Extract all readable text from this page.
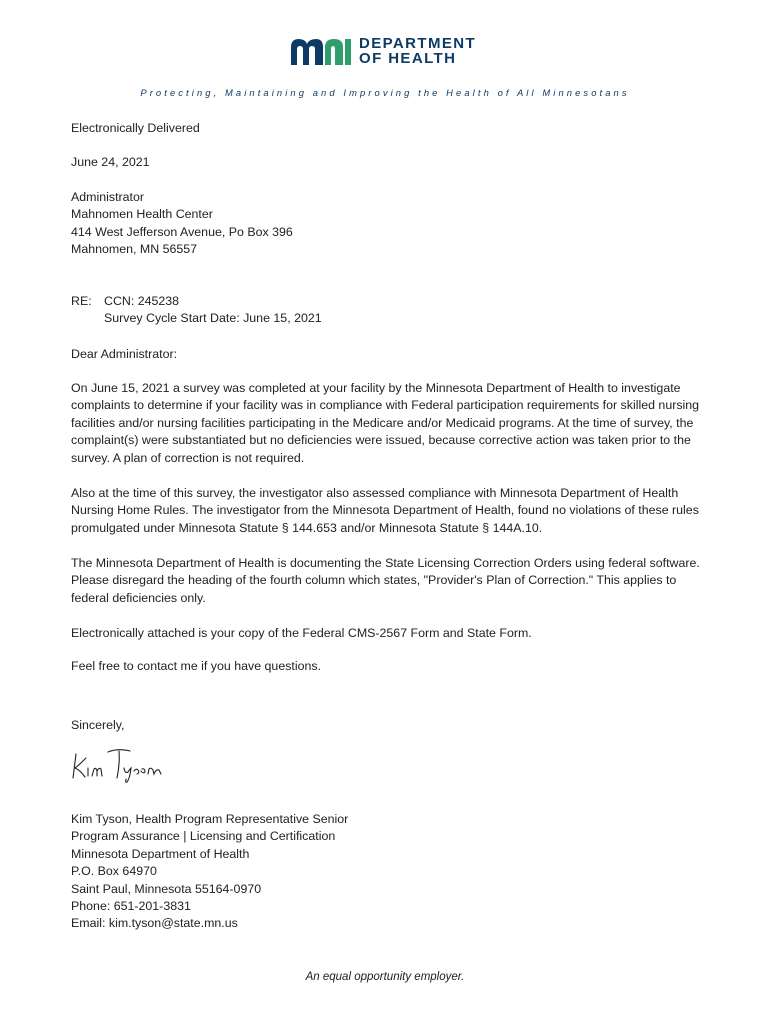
DEPARTMENT
OF HEALTH
Protecting, Maintaining and Improving the Health of All Minnesotans
Electronically Delivered
June 24, 2021
Administrator
Mahnomen Health Center
414 West Jefferson Avenue, Po Box 396
Mahnomen, MN 56557
RE: CCN: 245238
Survey Cycle Start Date: June 15, 2021
Dear Administrator:
On June 15, 2021 a survey was completed at your facility by the Minnesota Department of Health to investigate complaints to determine if your facility was in compliance with Federal participation requirements for skilled nursing facilities and/or nursing facilities participating in the Medicare and/or Medicaid programs. At the time of survey, the complaint(s) were substantiated but no deficiencies were issued, because corrective action was taken prior to the survey. A plan of correction is not required.
Also at the time of this survey, the investigator also assessed compliance with Minnesota Department of Health Nursing Home Rules. The investigator from the Minnesota Department of Health, found no violations of these rules promulgated under Minnesota Statute § 144.653 and/or Minnesota Statute § 144A.10.
The Minnesota Department of Health is documenting the State Licensing Correction Orders using federal software. Please disregard the heading of the fourth column which states, "Provider's Plan of Correction." This applies to federal deficiencies only.
Electronically attached is your copy of the Federal CMS-2567 Form and State Form.
Feel free to contact me if you have questions.
Sincerely,
Kim Tyson, Health Program Representative Senior
Program Assurance | Licensing and Certification
Minnesota Department of Health
P.O. Box 64970
Saint Paul, Minnesota 55164-0970
Phone: 651-201-3831
Email: kim.tyson@state.mn.us
An equal opportunity employer.
